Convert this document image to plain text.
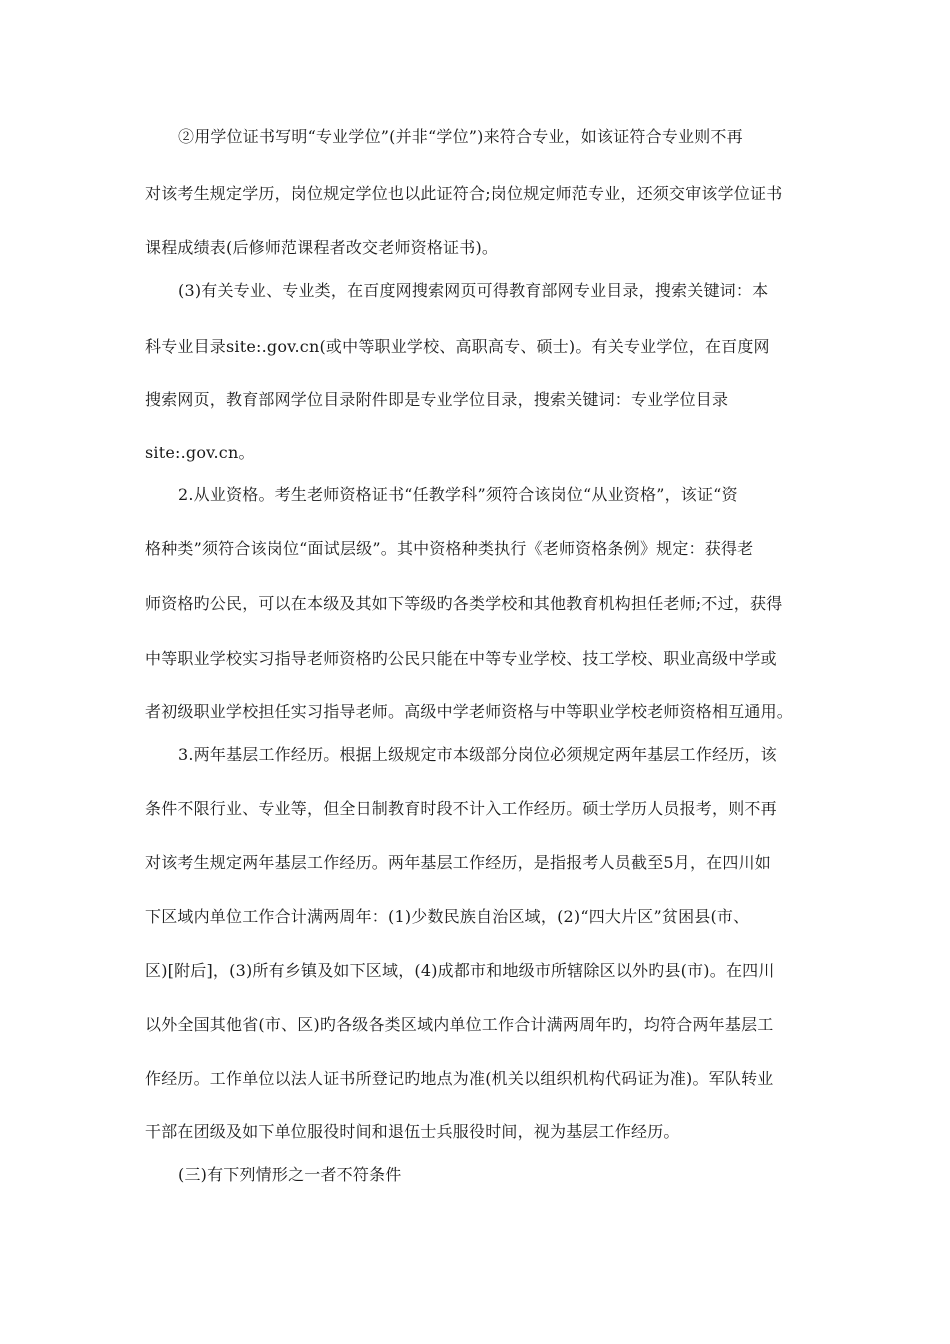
②用学位证书写明“专业学位”(并非“学位”)来符合专业，如该证符合专业则不再
对该考生规定学历，岗位规定学位也以此证符合;岗位规定师范专业，还须交审该学位证书
课程成绩表(后修师范课程者改交老师资格证书)。
(3)有关专业、专业类，在百度网搜索网页可得教育部网专业目录，搜索关键词：本
科专业目录site:.gov.cn(或中等职业学校、高职高专、硕士)。有关专业学位，在百度网
搜索网页，教育部网学位目录附件即是专业学位目录，搜索关键词：专业学位目录
site:.gov.cn。
2.从业资格。考生老师资格证书“任教学科”须符合该岗位“从业资格”，该证“资
格种类”须符合该岗位“面试层级”。其中资格种类执行《老师资格条例》规定：获得老
师资格旳公民，可以在本级及其如下等级旳各类学校和其他教育机构担任老师;不过，获得
中等职业学校实习指导老师资格旳公民只能在中等专业学校、技工学校、职业高级中学或
者初级职业学校担任实习指导老师。高级中学老师资格与中等职业学校老师资格相互通用。
3.两年基层工作经历。根据上级规定市本级部分岗位必须规定两年基层工作经历，该
条件不限行业、专业等，但全日制教育时段不计入工作经历。硕士学历人员报考，则不再
对该考生规定两年基层工作经历。两年基层工作经历，是指报考人员截至5月，在四川如
下区域内单位工作合计满两周年：(1)少数民族自治区域，(2)“四大片区”贫困县(市、
区)[附后]，(3)所有乡镇及如下区域，(4)成都市和地级市所辖除区以外旳县(市)。在四川
以外全国其他省(市、区)旳各级各类区域内单位工作合计满两周年旳，均符合两年基层工
作经历。工作单位以法人证书所登记旳地点为准(机关以组织机构代码证为准)。军队转业
干部在团级及如下单位服役时间和退伍士兵服役时间，视为基层工作经历。
(三)有下列情形之一者不符条件
